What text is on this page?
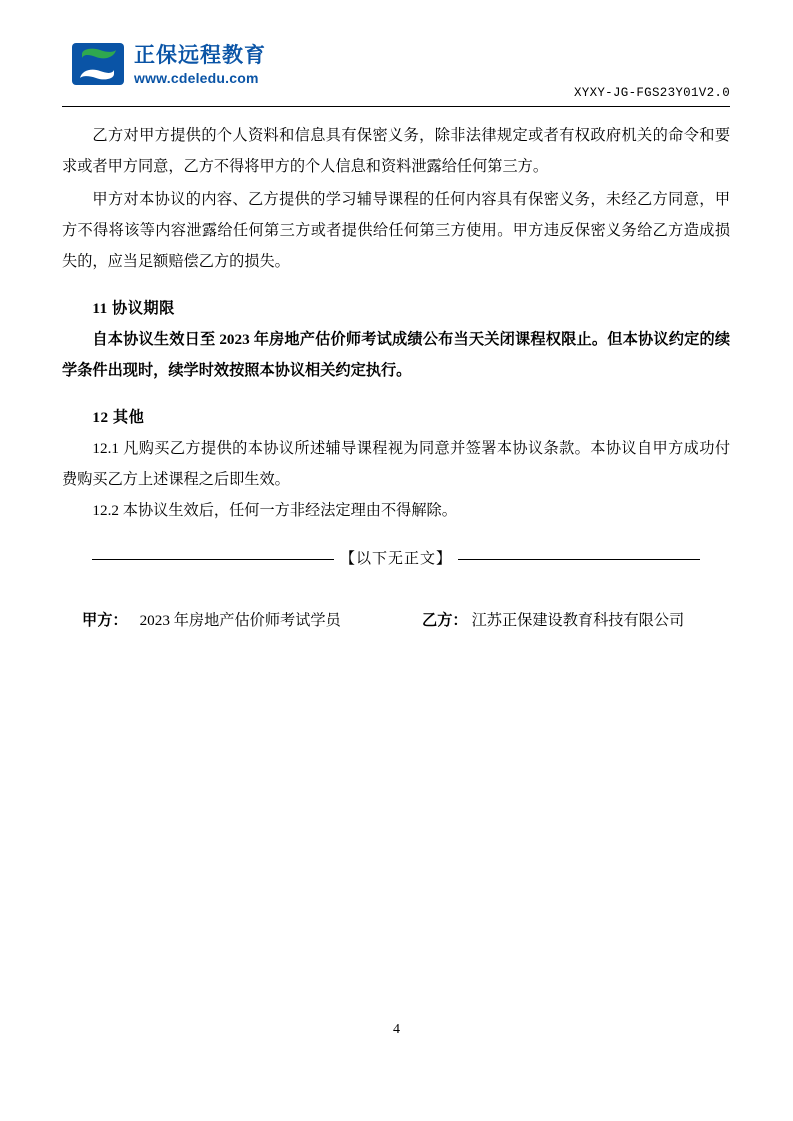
正保远程教育
www.cdeledu.com
XYXY-JG-FGS23Y01V2.0

乙方对甲方提供的个人资料和信息具有保密义务，除非法律规定或者有权政府机关的命令和要求或者甲方同意，乙方不得将甲方的个人信息和资料泄露给任何第三方。

甲方对本协议的内容、乙方提供的学习辅导课程的任何内容具有保密义务，未经乙方同意，甲方不得将该等内容泄露给任何第三方或者提供给任何第三方使用。甲方违反保密义务给乙方造成损失的，应当足额赔偿乙方的损失。

11 协议期限

自本协议生效日至 2023 年房地产估价师考试成绩公布当天关闭课程权限止。但本协议约定的续学条件出现时，续学时效按照本协议相关约定执行。

12 其他

12.1 凡购买乙方提供的本协议所述辅导课程视为同意并签署本协议条款。本协议自甲方成功付费购买乙方上述课程之后即生效。

12.2 本协议生效后，任何一方非经法定理由不得解除。

【以下无正文】
甲方： 2023 年房地产估价师考试学员	乙方： 江苏正保建设教育科技有限公司
4
